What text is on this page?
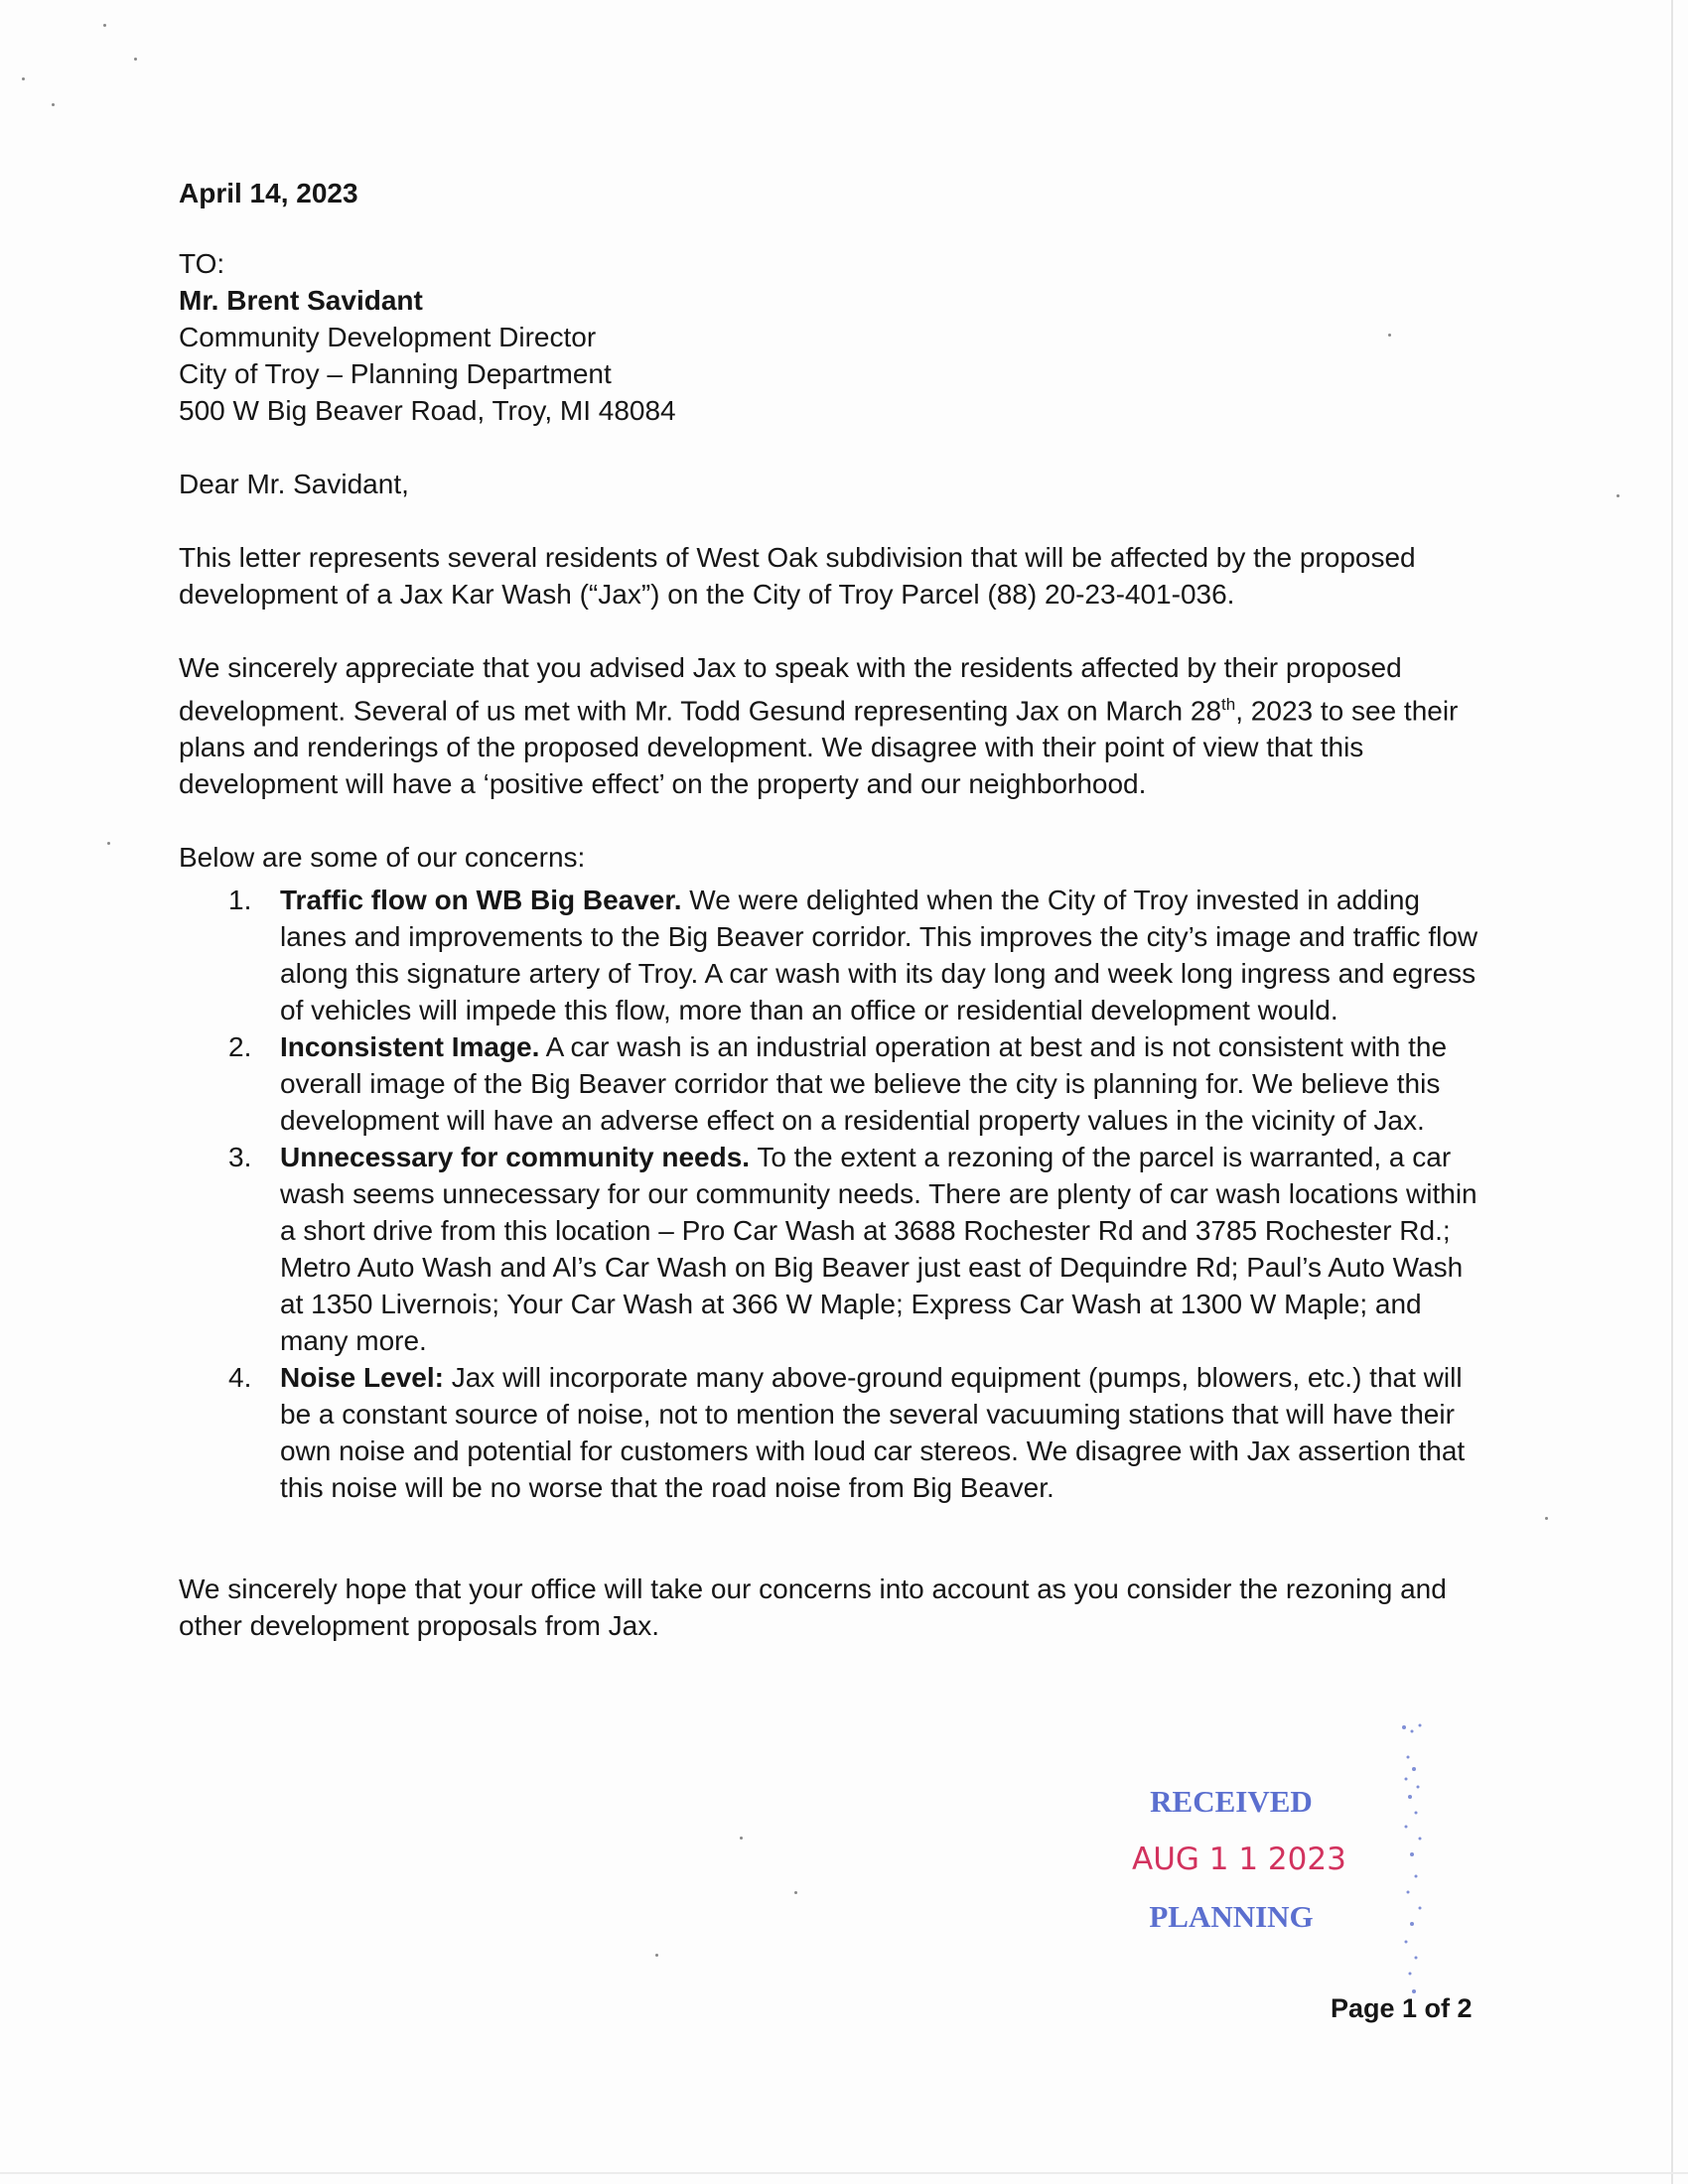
April 14, 2023

TO:

Mr. Brent Savidant

Community Development Director

City of Troy – Planning Department

500 W Big Beaver Road, Troy, MI 48084

Dear Mr. Savidant,

This letter represents several residents of West Oak subdivision that will be affected by the proposed development of a Jax Kar Wash (“Jax”) on the City of Troy Parcel (88) 20-23-401-036.

We sincerely appreciate that you advised Jax to speak with the residents affected by their proposed development. Several of us met with Mr. Todd Gesund representing Jax on March 28th, 2023 to see their plans and renderings of the proposed development. We disagree with their point of view that this development will have a ‘positive effect’ on the property and our neighborhood.

Below are some of our concerns:

1. Traffic flow on WB Big Beaver. We were delighted when the City of Troy invested in adding lanes and improvements to the Big Beaver corridor. This improves the city’s image and traffic flow along this signature artery of Troy. A car wash with its day long and week long ingress and egress of vehicles will impede this flow, more than an office or residential development would.
2. Inconsistent Image. A car wash is an industrial operation at best and is not consistent with the overall image of the Big Beaver corridor that we believe the city is planning for. We believe this development will have an adverse effect on a residential property values in the vicinity of Jax.
3. Unnecessary for community needs. To the extent a rezoning of the parcel is warranted, a car wash seems unnecessary for our community needs. There are plenty of car wash locations within a short drive from this location – Pro Car Wash at 3688 Rochester Rd and 3785 Rochester Rd.; Metro Auto Wash and Al’s Car Wash on Big Beaver just east of Dequindre Rd; Paul’s Auto Wash at 1350 Livernois; Your Car Wash at 366 W Maple; Express Car Wash at 1300 W Maple; and many more.
4. Noise Level: Jax will incorporate many above-ground equipment (pumps, blowers, etc.) that will be a constant source of noise, not to mention the several vacuuming stations that will have their own noise and potential for customers with loud car stereos. We disagree with Jax assertion that this noise will be no worse that the road noise from Big Beaver.

We sincerely hope that your office will take our concerns into account as you consider the rezoning and other development proposals from Jax.

RECEIVED
AUG 1 1 2023
PLANNING
Page 1 of 2
